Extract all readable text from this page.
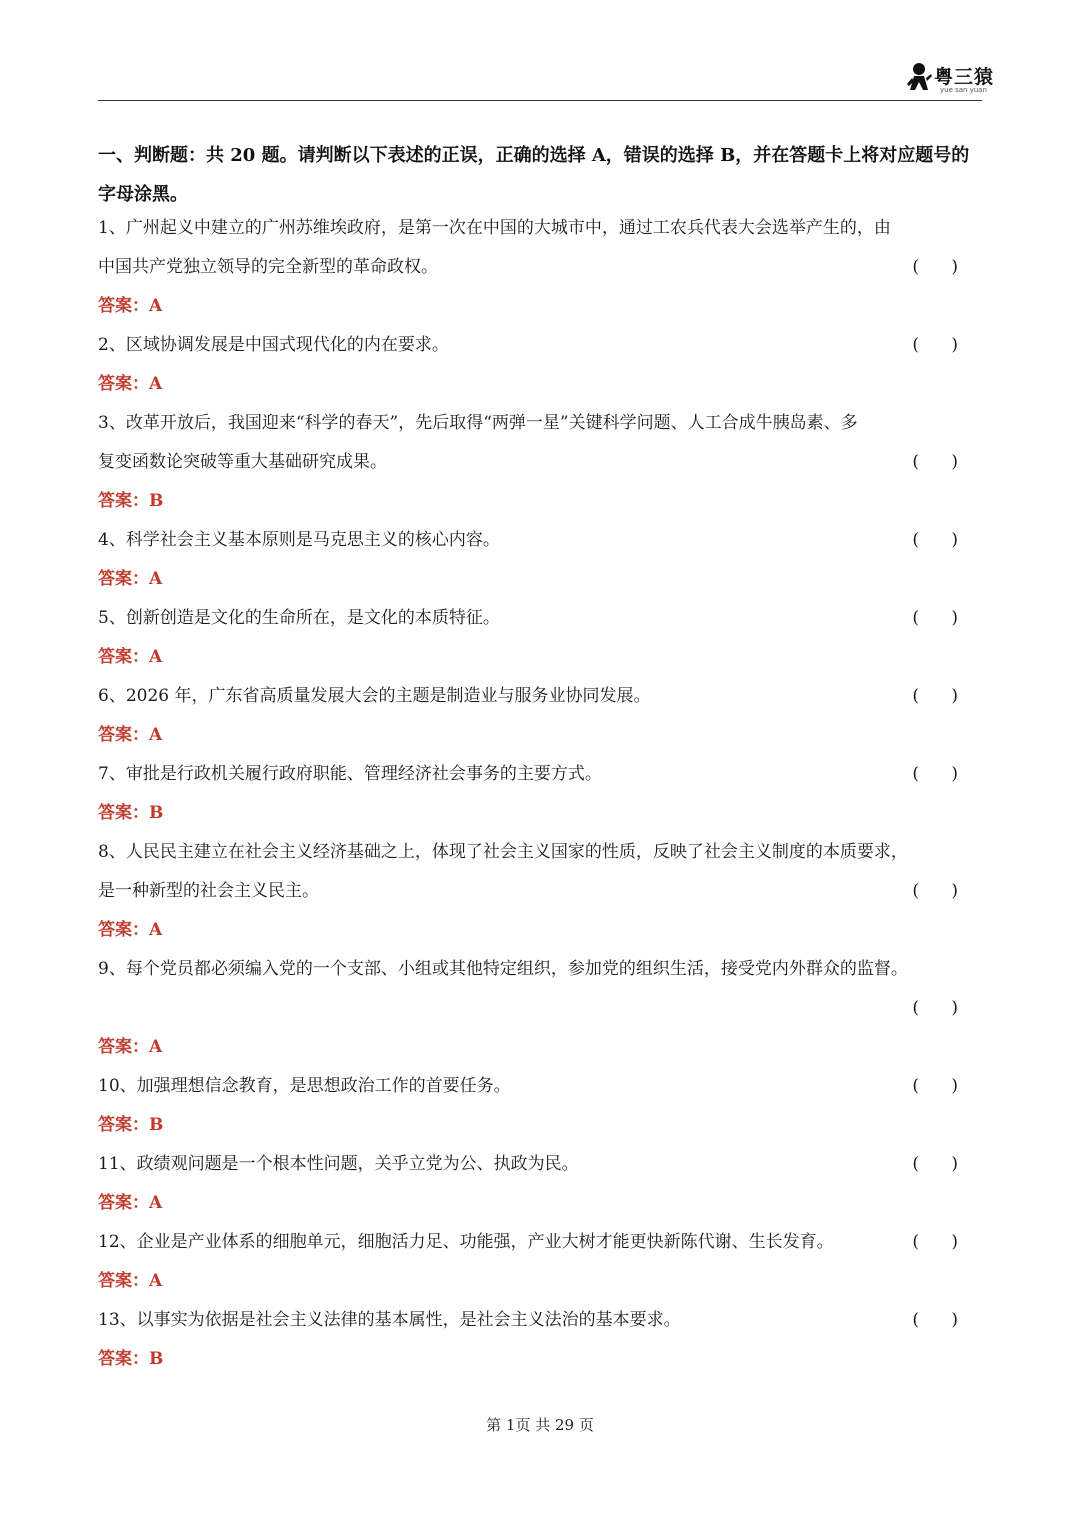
粤三猿
yue san yuan
一、判断题：共 20 题。请判断以下表述的正误，正确的选择 A，错误的选择 B，并在答题卡上将对应题号的字母涂黑。
1、广州起义中建立的广州苏维埃政府，是第一次在中国的大城市中，通过工农兵代表大会选举产生的，由
中国共产党独立领导的完全新型的革命政权。	(      )
答案：A
2、区域协调发展是中国式现代化的内在要求。	(      )
答案：A
3、改革开放后，我国迎来“科学的春天”，先后取得“两弹一星”关键科学问题、人工合成牛胰岛素、多
复变函数论突破等重大基础研究成果。	(      )
答案：B
4、科学社会主义基本原则是马克思主义的核心内容。	(      )
答案：A
5、创新创造是文化的生命所在，是文化的本质特征。	(      )
答案：A
6、2026 年，广东省高质量发展大会的主题是制造业与服务业协同发展。	(      )
答案：A
7、审批是行政机关履行政府职能、管理经济社会事务的主要方式。	(      )
答案：B
8、人民民主建立在社会主义经济基础之上，体现了社会主义国家的性质，反映了社会主义制度的本质要求，
是一种新型的社会主义民主。	(      )
答案：A
9、每个党员都必须编入党的一个支部、小组或其他特定组织，参加党的组织生活，接受党内外群众的监督。
(      )
答案：A
10、加强理想信念教育，是思想政治工作的首要任务。	(      )
答案：B
11、政绩观问题是一个根本性问题，关乎立党为公、执政为民。	(      )
答案：A
12、企业是产业体系的细胞单元，细胞活力足、功能强，产业大树才能更快新陈代谢、生长发育。	(      )
答案：A
13、以事实为依据是社会主义法律的基本属性，是社会主义法治的基本要求。	(      )
答案：B
第 1页 共 29 页
